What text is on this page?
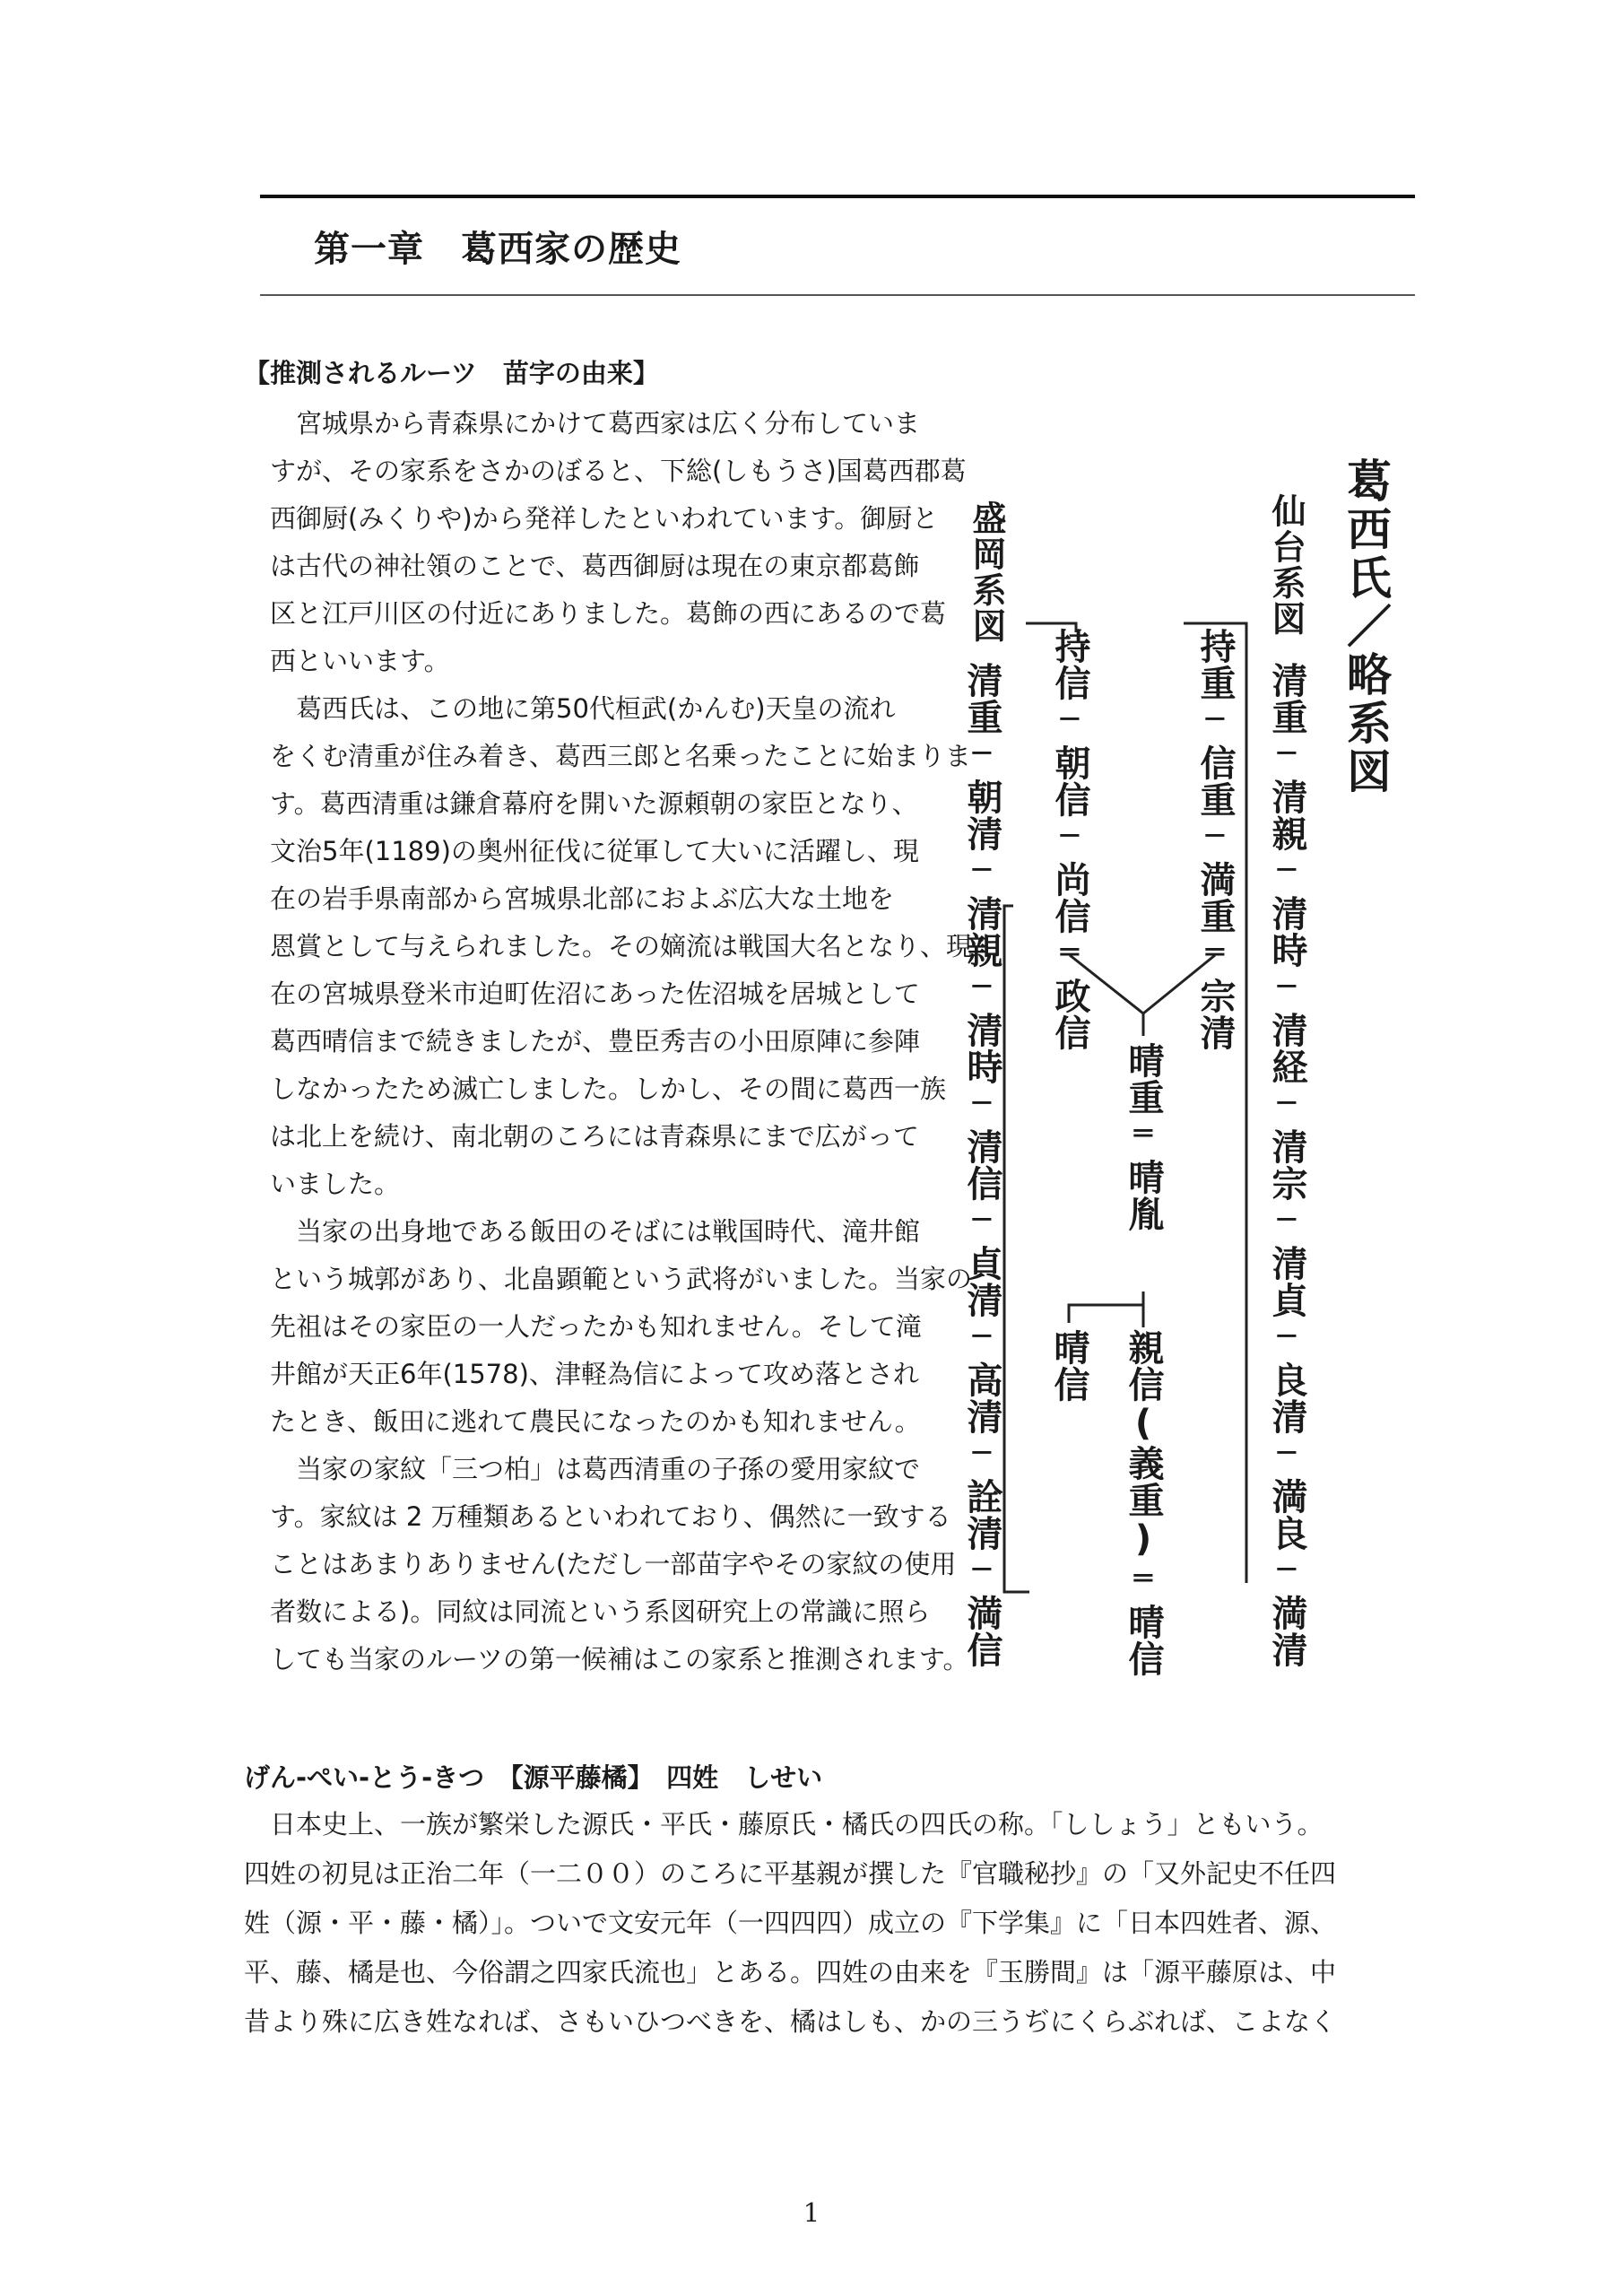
第一章　葛西家の歴史
【推測されるルーツ　苗字の由来】

　宮城県から青森県にかけて葛西家は広く分布していま

すが、その家系をさかのぼると、下総(しもうさ)国葛西郡葛

西御厨(みくりや)から発祥したといわれています。御厨と

は古代の神社領のことで、葛西御厨は現在の東京都葛飾

区と江戸川区の付近にありました。葛飾の西にあるので葛

西といいます。

　葛西氏は、この地に第50代桓武(かんむ)天皇の流れ

をくむ清重が住み着き、葛西三郎と名乗ったことに始まりま

す。葛西清重は鎌倉幕府を開いた源頼朝の家臣となり、

文治5年(1189)の奥州征伐に従軍して大いに活躍し、現

在の岩手県南部から宮城県北部におよぶ広大な土地を

恩賞として与えられました。その嫡流は戦国大名となり、現

在の宮城県登米市迫町佐沼にあった佐沼城を居城として

葛西晴信まで続きましたが、豊臣秀吉の小田原陣に参陣

しなかったため滅亡しました。しかし、その間に葛西一族

は北上を続け、南北朝のころには青森県にまで広がって

いました。

　当家の出身地である飯田のそばには戦国時代、滝井館

という城郭があり、北畠顕範という武将がいました。当家の

先祖はその家臣の一人だったかも知れません。そして滝

井館が天正6年(1578)、津軽為信によって攻め落とされ

たとき、飯田に逃れて農民になったのかも知れません。

　当家の家紋「三つ柏」は葛西清重の子孫の愛用家紋で

す。家紋は 2 万種類あるといわれており、偶然に一致する

ことはあまりありません(ただし一部苗字やその家紋の使用

者数による)。同紋は同流という系図研究上の常識に照ら

しても当家のルーツの第一候補はこの家系と推測されます。

葛西氏／略系図
仙台系図
盛岡系図
清重
─
清親
─
清時
─
清経
─
清宗
─
清貞
─
良清
─
満良
─
満清
持重
─
信重
─
満重
═
宗清
持信
─
朝信
─
尚信
═
政信
晴重
═
晴胤
晴信 親信(義重)
═
晴信
清重
─
朝清
─
清親
─
清時
─
清信
─
貞清
─
高清
─
詮清
─
満信
げん‐ぺい‐とう‐きつ　【源平藤橘】　四姓　しせい
　日本史上、一族が繁栄した源氏・平氏・藤原氏・橘氏の四氏の称。「ししょう」ともいう。
四姓の初見は正治二年（一二００）のころに平基親が撰した『官職秘抄』の「又外記史不任四
姓（源・平・藤・橘）」。ついで文安元年（一四四四）成立の『下学集』に「日本四姓者、源、
平、藤、橘是也、今俗謂之四家氏流也」とある。四姓の由来を『玉勝間』は「源平藤原は、中
昔より殊に広き姓なれば、さもいひつべきを、橘はしも、かの三うぢにくらぶれば、こよなく
1
